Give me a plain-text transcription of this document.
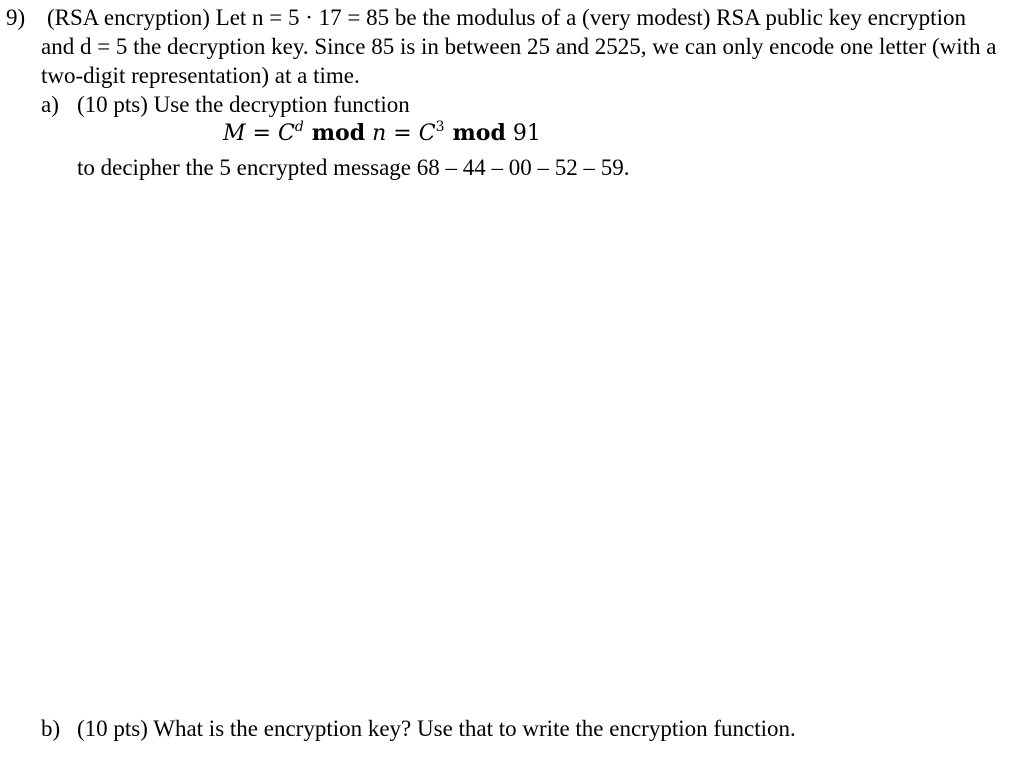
9) (RSA encryption) Let n = 5 · 17 = 85 be the modulus of a (very modest) RSA public key encryption
and d = 5 the decryption key. Since 85 is in between 25 and 2525, we can only encode one letter (with a
two-digit representation) at a time.
a) (10 pts) Use the decryption function
$M = C^d$ mod $n = C^3$ mod 91
to decipher the 5 encrypted message 68 – 44 – 00 – 52 – 59.
b) (10 pts) What is the encryption key? Use that to write the encryption function.
